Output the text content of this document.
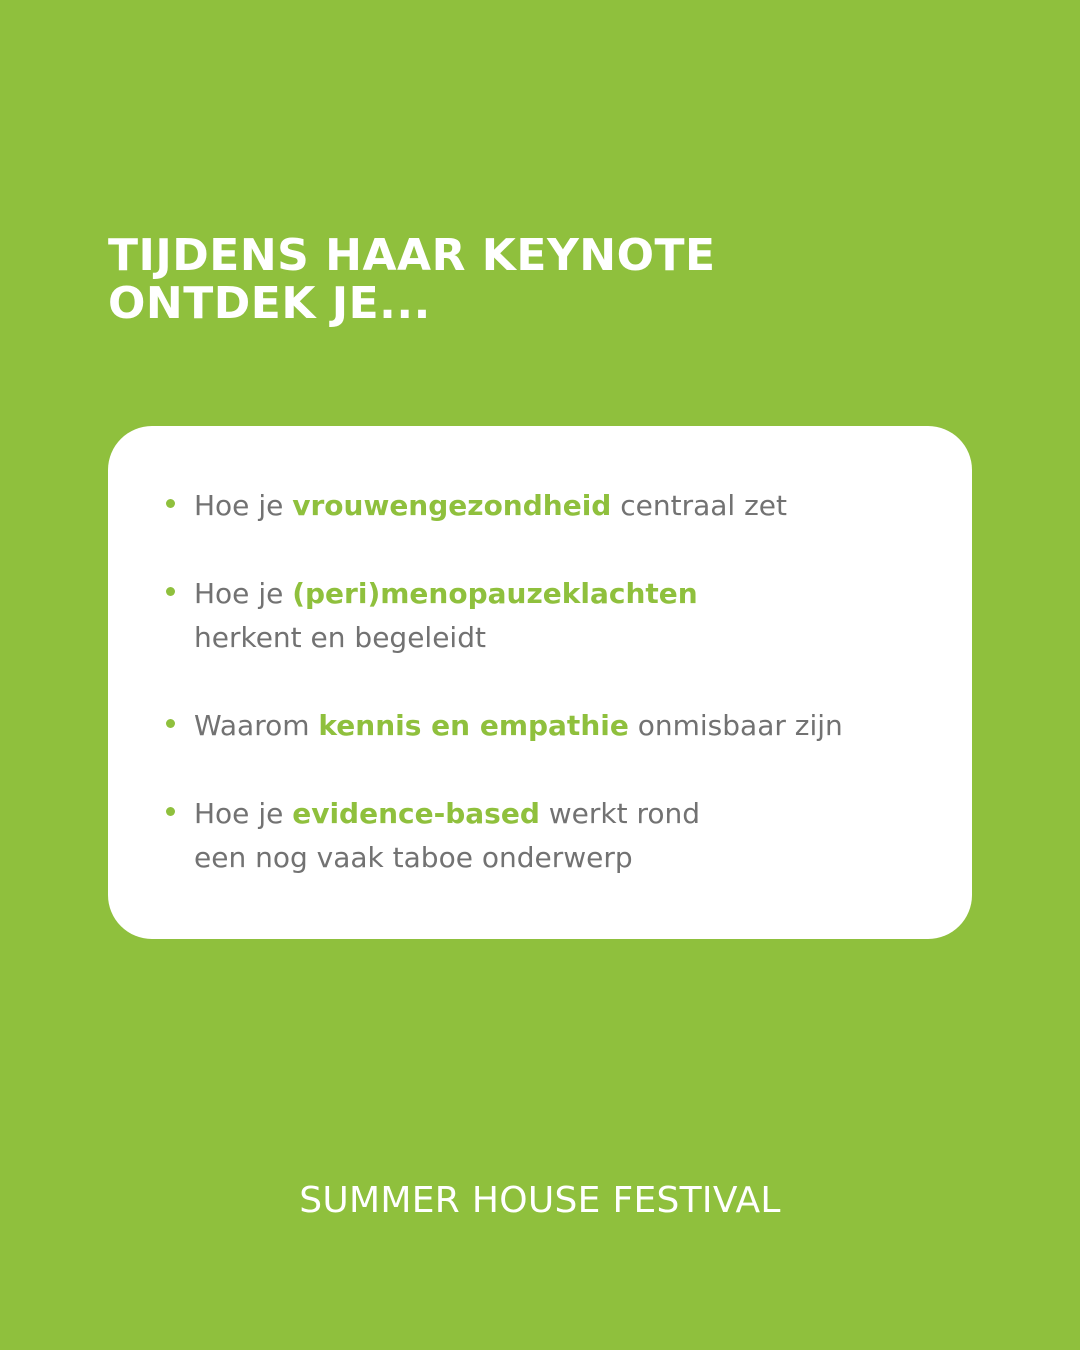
TIJDENS HAAR KEYNOTE
ONTDEK JE...
Hoe je vrouwengezondheid centraal zet
Hoe je (peri)menopauzeklachten
herkent en begeleidt
Waarom kennis en empathie onmisbaar zijn
Hoe je evidence-based werkt rond
een nog vaak taboe onderwerp
SUMMER HOUSE FESTIVAL
